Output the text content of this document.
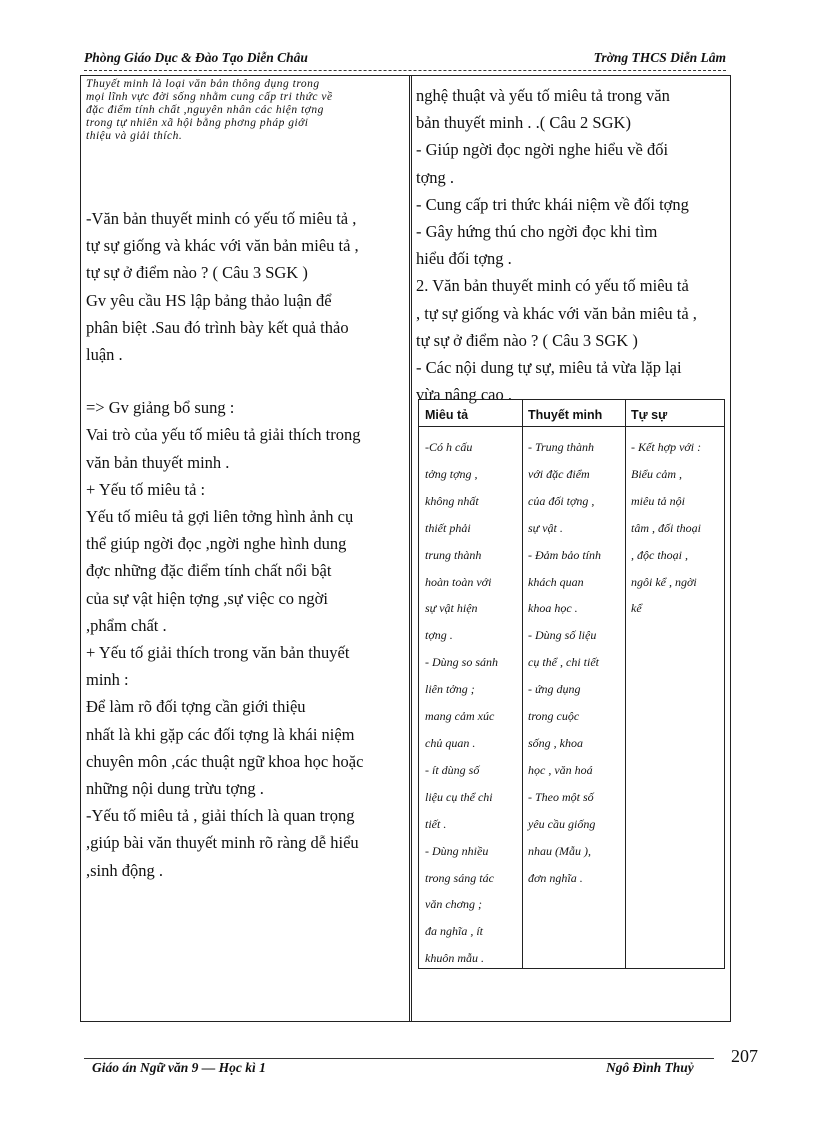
Phòng Giáo Dục & Đào Tạo Diễn Châu	Trờng THCS Diễn Lâm

Thuyết minh là loại văn bản thông dụng trong

mọi lĩnh vực đời sống nhằm cung cấp tri thức về

đặc điểm tính chất ,nguyên nhân các hiện tợng

trong tự nhiên xã hội bằng phơng pháp giới

thiệu và giải thích.

-Văn bản thuyết minh có yếu tố miêu tả ,

tự sự giống và khác với văn bản miêu tả ,

tự sự ở điểm nào ? ( Câu 3 SGK )

Gv yêu cầu HS lập bảng thảo luận để

phân biệt .Sau đó trình bày kết quả thảo

luận .

=> Gv giảng bổ sung :

Vai trò của yếu tố miêu tả giải thích trong

văn bản thuyết minh .

+ Yếu tố miêu tả :

Yếu tố miêu tả gợi liên tởng hình ảnh cụ

thể giúp ngời đọc ,ngời nghe hình dung

đợc những đặc điểm tính chất nổi bật

của sự vật hiện tợng ,sự việc co ngời

,phẩm chất .

+ Yếu tố giải thích trong văn bản thuyết

minh :

Để làm rõ đối tợng cần giới thiệu

nhất là khi gặp các đối tợng là khái niệm

chuyên môn ,các thuật ngữ khoa học hoặc

những nội dung trừu tợng .

-Yếu tố miêu tả , giải thích là quan trọng

,giúp bài văn thuyết minh rõ ràng dễ hiểu

,sinh động .

nghệ thuật và yếu tố miêu tả trong văn

bản thuyết minh . .( Câu 2 SGK)

- Giúp ngời đọc ngời nghe hiểu về đối

tợng .

- Cung cấp tri thức khái niệm về đối tợng

- Gây hứng thú cho ngời đọc khi tìm

hiểu đối tợng .

2. Văn bản thuyết minh có yếu tố miêu tả

, tự sự giống và khác với văn bản miêu tả ,

tự sự ở điểm nào ? ( Câu 3 SGK )

- Các nội dung tự sự, miêu tả vừa lặp lại

vừa nâng cao .

Miêu tả
-Có h cấu
tởng tợng ,
không nhất
thiết phải
trung thành
hoàn toàn với
sự vật hiện
tợng .
- Dùng so sánh
liên tởng ;
mang cảm xúc
chủ quan .
- ít dùng số
liệu cụ thể chi
tiết .
- Dùng nhiều
trong sáng tác
văn chơng ;
đa nghĩa , ít
khuôn mẫu .
Thuyết minh
- Trung thành
với đặc điểm
của đối tợng ,
sự vật .
- Đảm bảo tính
khách quan
khoa học .
- Dùng số liệu
cụ thể , chi tiết
- ứng dụng
trong cuộc
sống , khoa
học , văn hoá
- Theo một số
yêu cầu giống
nhau (Mẫu ),
đơn nghĩa .
Tự sự
- Kết hợp với :
Biểu cảm ,
miêu tả nội
tâm , đối thoại
, độc thoại ,
ngôi kể , ngời
kể
Giáo án Ngữ văn 9 — Học kì 1	Ngô Đình Thuỷ
207
